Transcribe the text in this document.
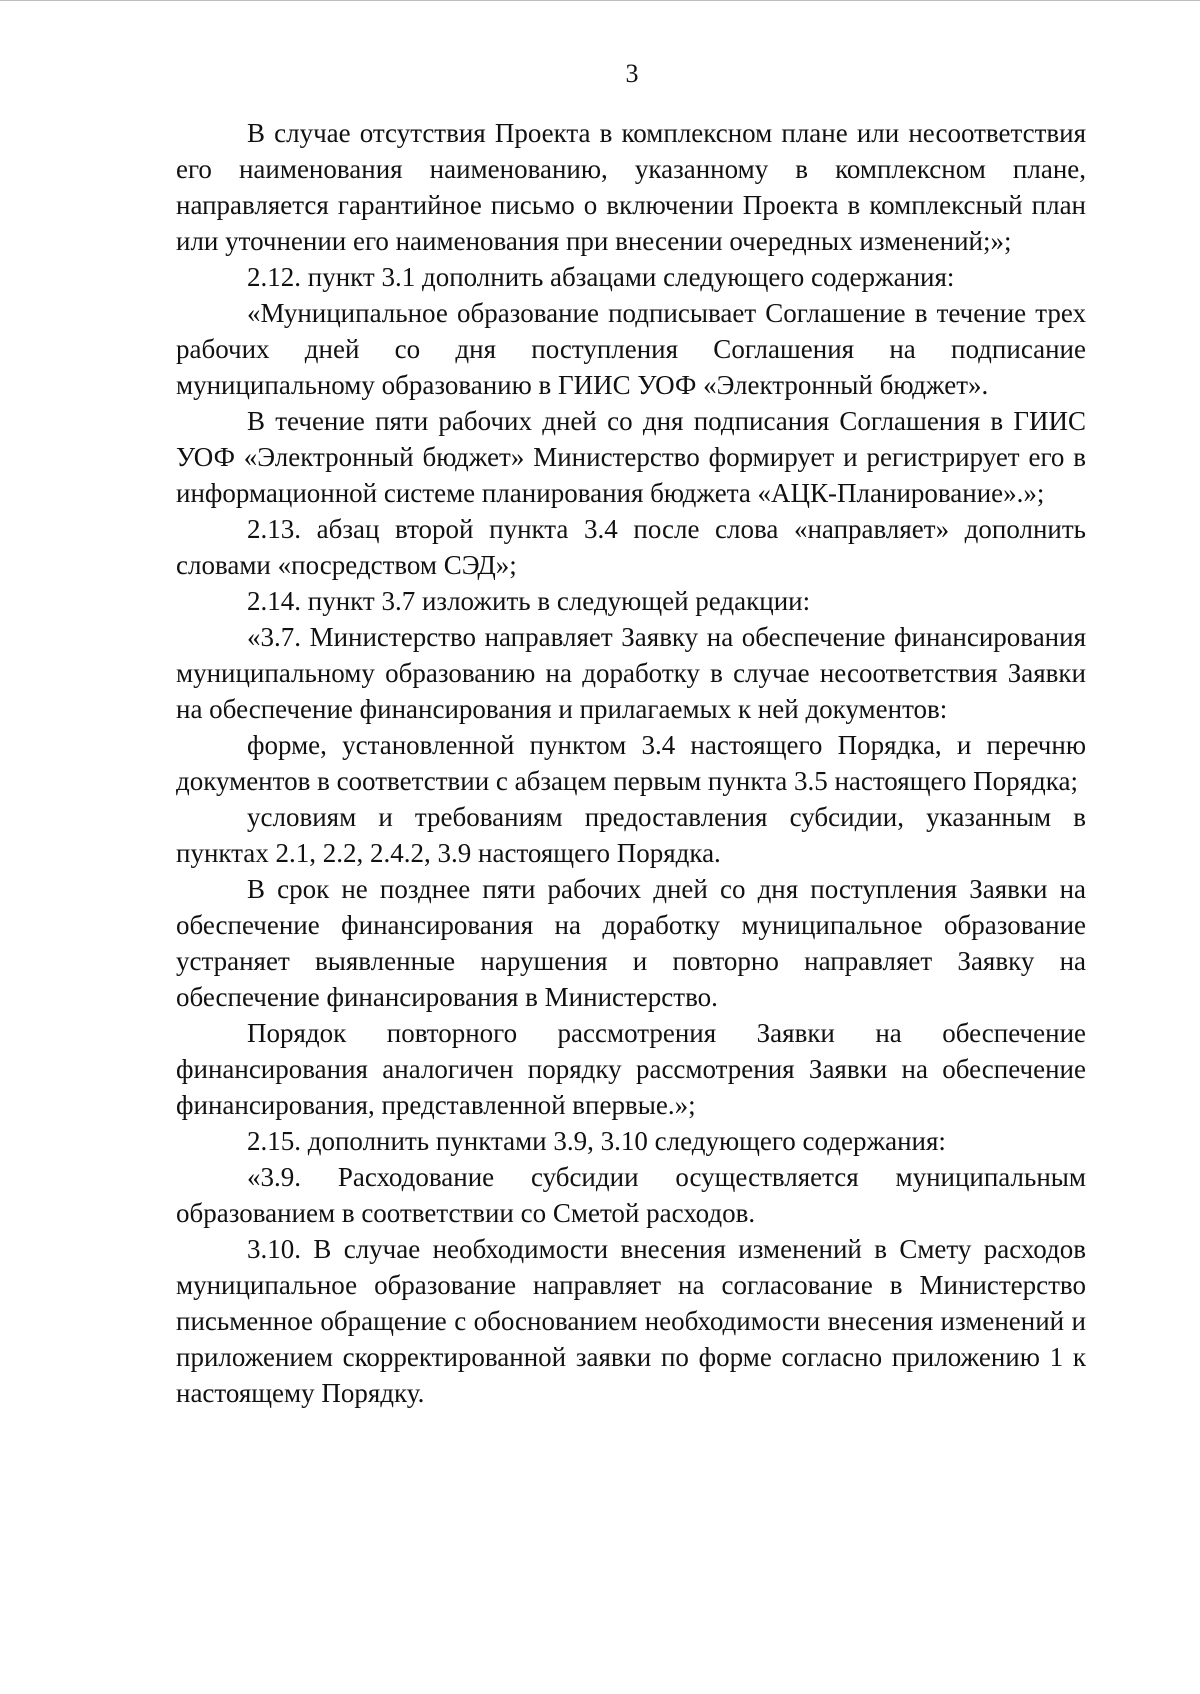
3

В случае отсутствия Проекта в комплексном плане или несоответствия его наименования наименованию, указанному в комплексном плане, направляется гарантийное письмо о включении Проекта в комплексный план или уточнении его наименования при внесении очередных изменений;»;

2.12. пункт 3.1 дополнить абзацами следующего содержания:

«Муниципальное образование подписывает Соглашение в течение трех рабочих дней со дня поступления Соглашения на подписание муниципальному образованию в ГИИС УОФ «Электронный бюджет».

В течение пяти рабочих дней со дня подписания Соглашения в ГИИС УОФ «Электронный бюджет» Министерство формирует и регистрирует его в информационной системе планирования бюджета «АЦК-Планирование».»;

2.13. абзац второй пункта 3.4 после слова «направляет» дополнить словами «посредством СЭД»;

2.14. пункт 3.7 изложить в следующей редакции:

«3.7. Министерство направляет Заявку на обеспечение финансирования муниципальному образованию на доработку в случае несоответствия Заявки на обеспечение финансирования и прилагаемых к ней документов:

форме, установленной пунктом 3.4 настоящего Порядка, и перечню документов в соответствии с абзацем первым пункта 3.5 настоящего Порядка;

условиям и требованиям предоставления субсидии, указанным в пунктах 2.1, 2.2, 2.4.2, 3.9 настоящего Порядка.

В срок не позднее пяти рабочих дней со дня поступления Заявки на обеспечение финансирования на доработку муниципальное образование устраняет выявленные нарушения и повторно направляет Заявку на обеспечение финансирования в Министерство.

Порядок повторного рассмотрения Заявки на обеспечение финансирования аналогичен порядку рассмотрения Заявки на обеспечение финансирования, представленной впервые.»;

2.15. дополнить пунктами 3.9, 3.10 следующего содержания:

«3.9. Расходование субсидии осуществляется муниципальным образованием в соответствии со Сметой расходов.

3.10. В случае необходимости внесения изменений в Смету расходов муниципальное образование направляет на согласование в Министерство письменное обращение с обоснованием необходимости внесения изменений и приложением скорректированной заявки по форме согласно приложению 1 к настоящему Порядку.
